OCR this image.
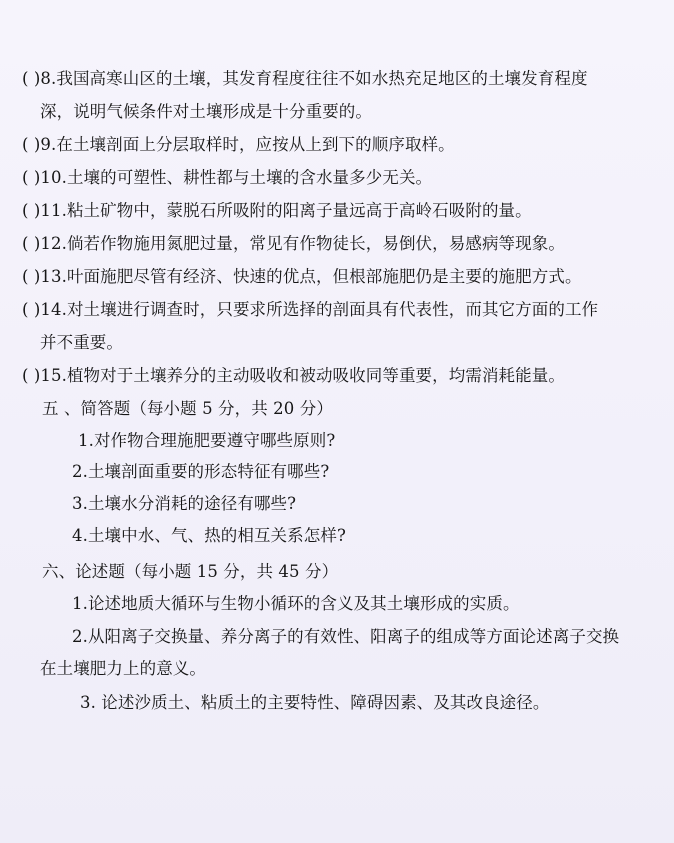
( )8.我国高寒山区的土壤，其发育程度往往不如水热充足地区的土壤发育程度
深，说明气候条件对土壤形成是十分重要的。
( )9.在土壤剖面上分层取样时，应按从上到下的顺序取样。
( )10.土壤的可塑性、耕性都与土壤的含水量多少无关。
( )11.粘土矿物中，蒙脱石所吸附的阳离子量远高于高岭石吸附的量。
( )12.倘若作物施用氮肥过量，常见有作物徒长，易倒伏，易感病等现象。
( )13.叶面施肥尽管有经济、快速的优点，但根部施肥仍是主要的施肥方式。
( )14.对土壤进行调查时，只要求所选择的剖面具有代表性，而其它方面的工作
并不重要。
( )15.植物对于土壤养分的主动吸收和被动吸收同等重要，均需消耗能量。
五 、简答题（每小题 5 分，共 20 分）
1.对作物合理施肥要遵守哪些原则?
2.土壤剖面重要的形态特征有哪些?
3.土壤水分消耗的途径有哪些?
4.土壤中水、气、热的相互关系怎样?
六、论述题（每小题 15 分，共 45 分）
1.论述地质大循环与生物小循环的含义及其土壤形成的实质。
2.从阳离子交换量、养分离子的有效性、阳离子的组成等方面论述离子交换
在土壤肥力上的意义。
3. 论述沙质土、粘质土的主要特性、障碍因素、及其改良途径。
